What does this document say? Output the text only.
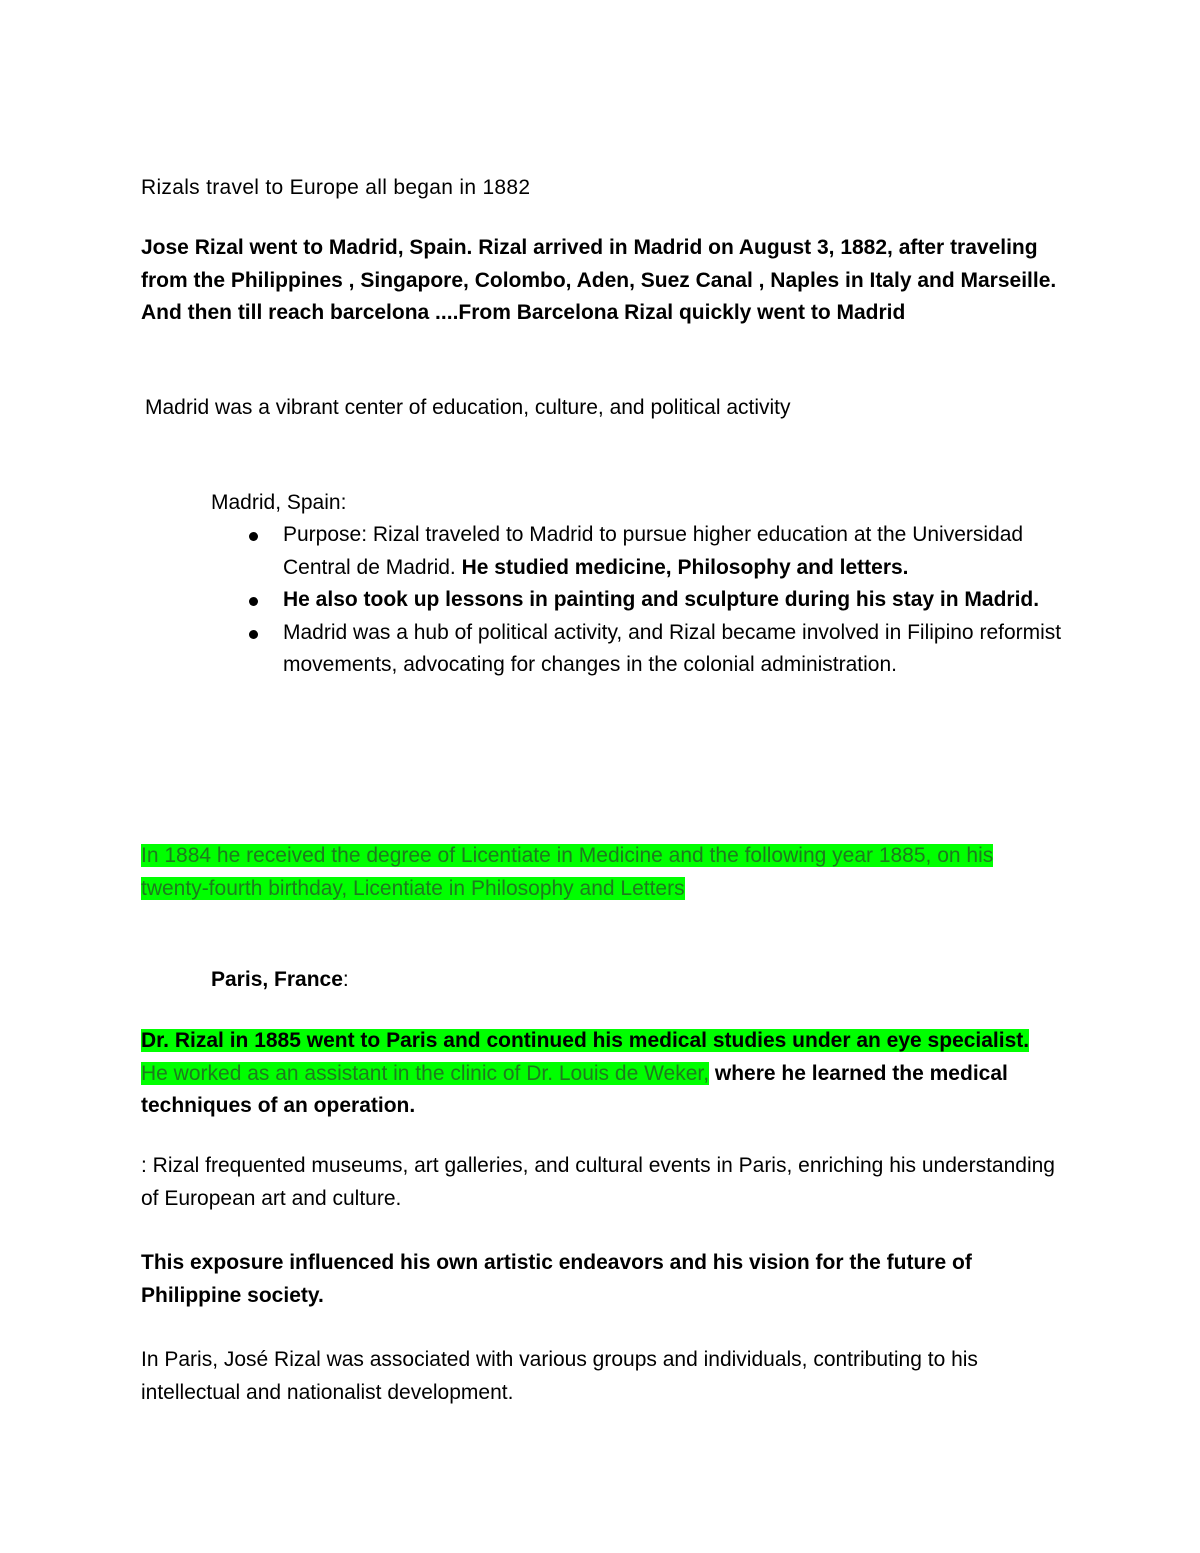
Rizals travel to Europe all began in 1882

Jose Rizal went to Madrid, Spain. Rizal arrived in Madrid on August 3, 1882, after traveling from the Philippines , Singapore, Colombo, Aden, Suez Canal , Naples in Italy and Marseille. And then till reach barcelona ....From Barcelona Rizal quickly went to Madrid

Madrid was a vibrant center of education, culture, and political activity

Madrid, Spain:

Purpose: Rizal traveled to Madrid to pursue higher education at the Universidad Central de Madrid. He studied medicine, Philosophy and letters.
He also took up lessons in painting and sculpture during his stay in Madrid.
Madrid was a hub of political activity, and Rizal became involved in Filipino reformist movements, advocating for changes in the colonial administration.

In 1884 he received the degree of Licentiate in Medicine and the following year 1885, on his twenty-fourth birthday, Licentiate in Philosophy and Letters

Paris, France:

Dr. Rizal in 1885 went to Paris and continued his medical studies under an eye specialist. He worked as an assistant in the clinic of Dr. Louis de Weker, where he learned the medical techniques of an operation.

: Rizal frequented museums, art galleries, and cultural events in Paris, enriching his understanding of European art and culture.

This exposure influenced his own artistic endeavors and his vision for the future of Philippine society.

In Paris, José Rizal was associated with various groups and individuals, contributing to his intellectual and nationalist development.
